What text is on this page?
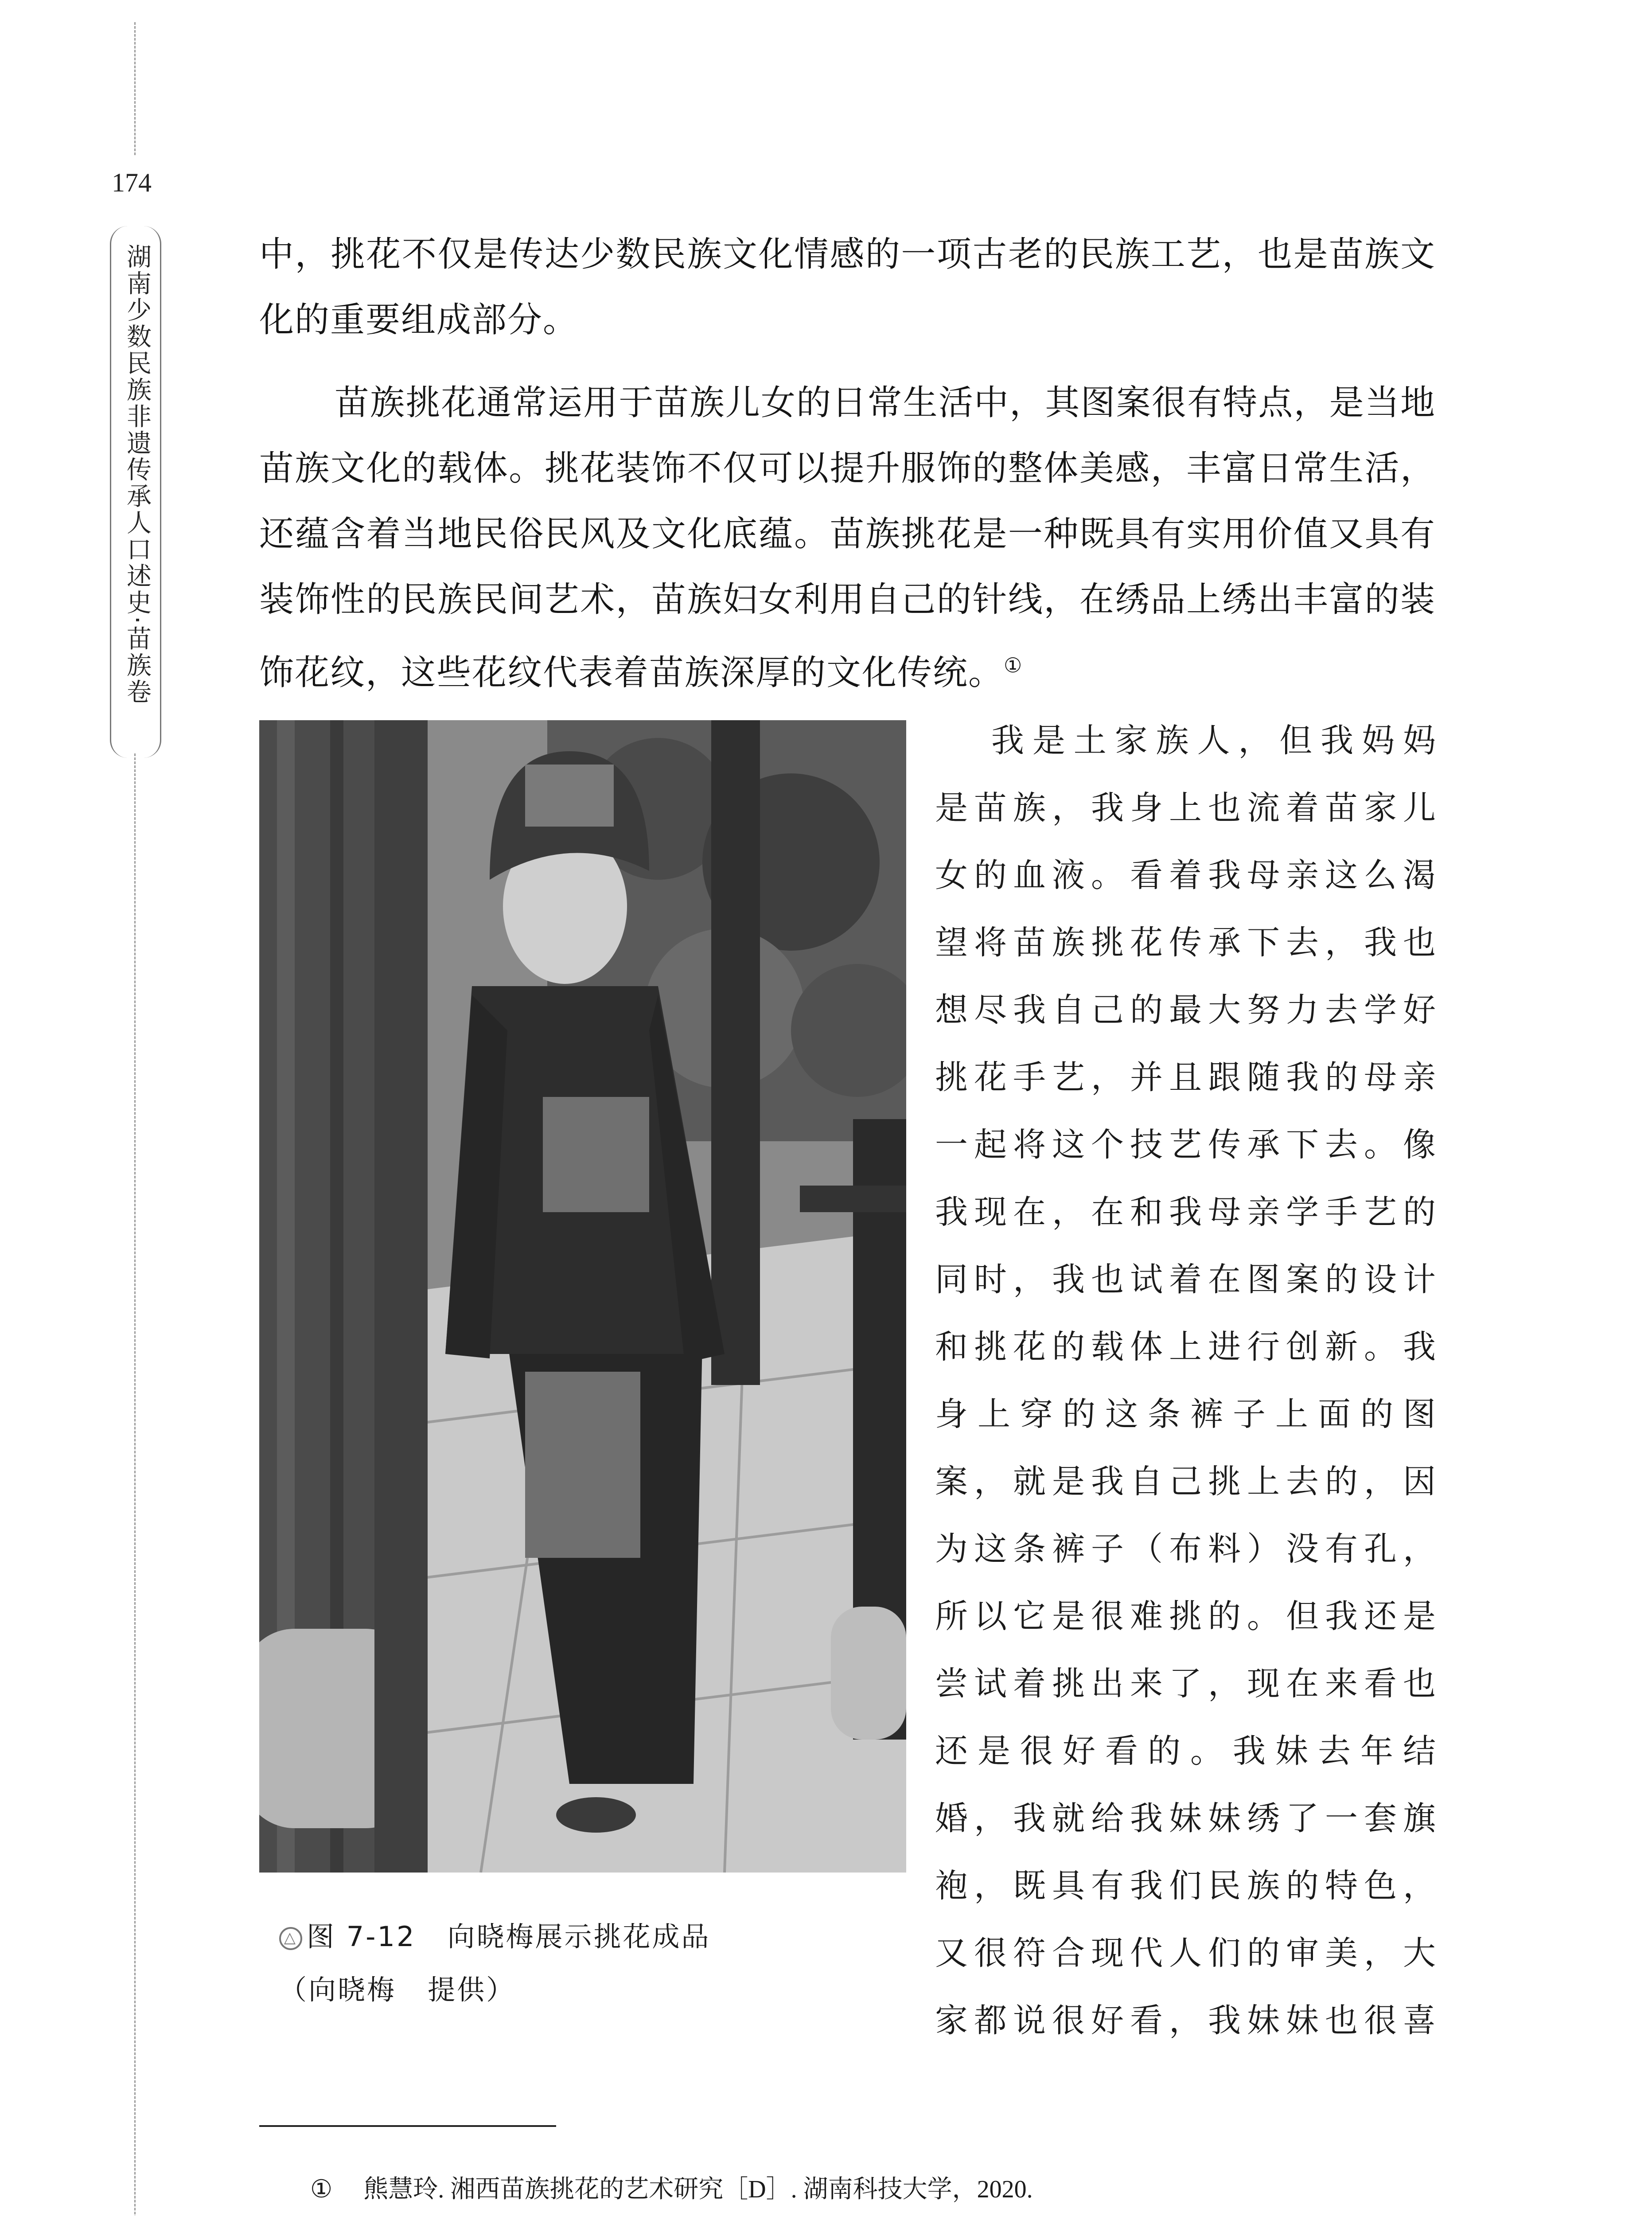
174
湖南少数民族非遗传承人口述史·苗族卷	中，挑花不仅是传达少数民族文化情感的一项古老的民族工艺，也是苗族文化的重要组成部分。

苗族挑花通常运用于苗族儿女的日常生活中，其图案很有特点，是当地苗族文化的载体。挑花装饰不仅可以提升服饰的整体美感，丰富日常生活，还蕴含着当地民俗民风及文化底蕴。苗族挑花是一种既具有实用价值又具有装饰性的民族民间艺术，苗族妇女利用自己的针线，在绣品上绣出丰富的装饰花纹，这些花纹代表着苗族深厚的文化传统。①

△ 图 7-12   向晓梅展示挑花成品
（向晓梅   提供）
我是土家族人，但我妈妈
是苗族，我身上也流着苗家儿
女的血液。看着我母亲这么渴
望将苗族挑花传承下去，我也
想尽我自己的最大努力去学好
挑花手艺，并且跟随我的母亲
一起将这个技艺传承下去。像
我现在，在和我母亲学手艺的
同时，我也试着在图案的设计
和挑花的载体上进行创新。我
身上穿的这条裤子上面的图
案，就是我自己挑上去的，因
为这条裤子（布料）没有孔，
所以它是很难挑的。但我还是
尝试着挑出来了，现在来看也
还是很好看的。我妹去年结
婚，我就给我妹妹绣了一套旗
袍，既具有我们民族的特色，
又很符合现代人们的审美，大
家都说很好看，我妹妹也很喜
① 熊慧玲. 湘西苗族挑花的艺术研究［D］. 湖南科技大学，2020.
